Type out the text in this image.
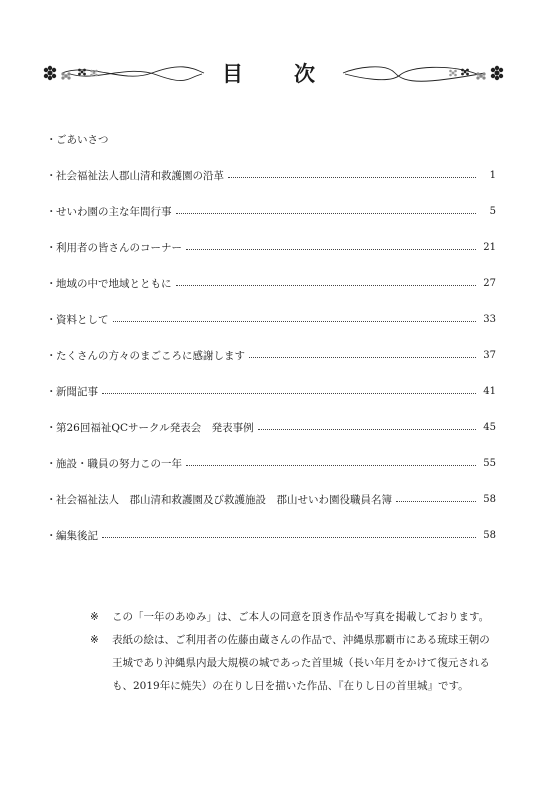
目 次
・ ごあいさつ
・ 社会福祉法人郡山清和救護園の沿革	1
・ せいわ園の主な年間行事	5
・ 利用者の皆さんのコーナー	21
・ 地域の中で地域とともに	27
・ 資料として	33
・ たくさんの方々のまごころに感謝します	37
・ 新聞記事	41
・ 第26回福祉QCサークル発表会　発表事例	45
・ 施設・職員の努力この一年	55
・ 社会福祉法人　郡山清和救護園及び救護施設　郡山せいわ園役職員名簿	58
・ 編集後記	58
※	この「一年のあゆみ」は、ご本人の同意を頂き作品や写真を掲載しております。
※	表紙の絵は、ご利用者の佐藤由蔵さんの作品で、沖縄県那覇市にある琉球王朝の王城であり沖縄県内最大規模の城であった首里城（長い年月をかけて復元されるも、2019年に焼失）の在りし日を描いた作品、『在りし日の首里城』です。
